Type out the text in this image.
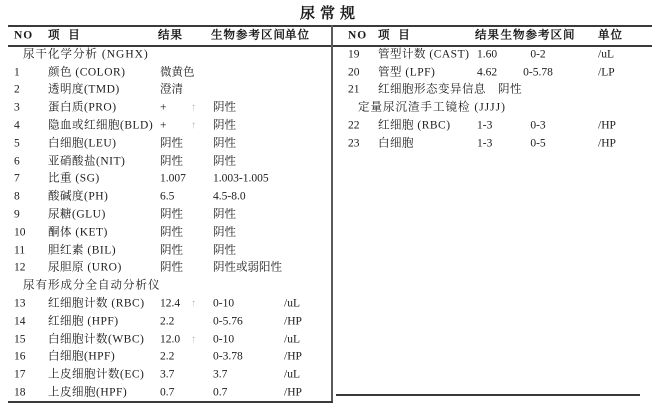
尿常规
NO 项  目	结果 生物参考区间 单位	NO 项  目	结果 生物参考区间	单位
尿干化学分析 (NGHX)
1 颜色 (COLOR)	微黄色
2 透明度(TMD)	澄清
3 蛋白质(PRO)	+ ↑ 阴性
4 隐血或红细胞(BLD) + ↑ 阴性
5 白细胞(LEU)	阴性	阴性
6 亚硝酸盐(NIT)	阴性	阴性
7 比重 (SG)	1.007 1.003-1.005
8 酸碱度(PH)	6.5	4.5-8.0
9 尿糖(GLU)	阴性	阴性
10 酮体 (KET)	阴性	阴性
11 胆红素 (BIL)	阴性	阴性
12 尿胆原 (URO)	阴性	阴性或弱阳性
尿有形成分全自动分析仪
13 红细胞计数 (RBC) 12.4 ↑ 0-10	/uL
14 红细胞 (HPF)	2.2	0-5.76	/HP
15 白细胞计数(WBC) 12.0 ↑ 0-10	/uL
16 白细胞(HPF)	2.2	0-3.78	/HP
17 上皮细胞计数(EC) 3.7	3.7	/uL
18 上皮细胞(HPF)	0.7	0.7	/HP
19 管型计数 (CAST) 1.60	0-2	/uL
20 管型 (LPF)	4.62	0-5.78	/LP
21 红细胞形态变异信息 阴性
定量尿沉渣手工镜检 (JJJJ)
22 红细胞 (RBC) 1-3	0-3	/HP
23 白细胞	1-3	0-5	/HP
